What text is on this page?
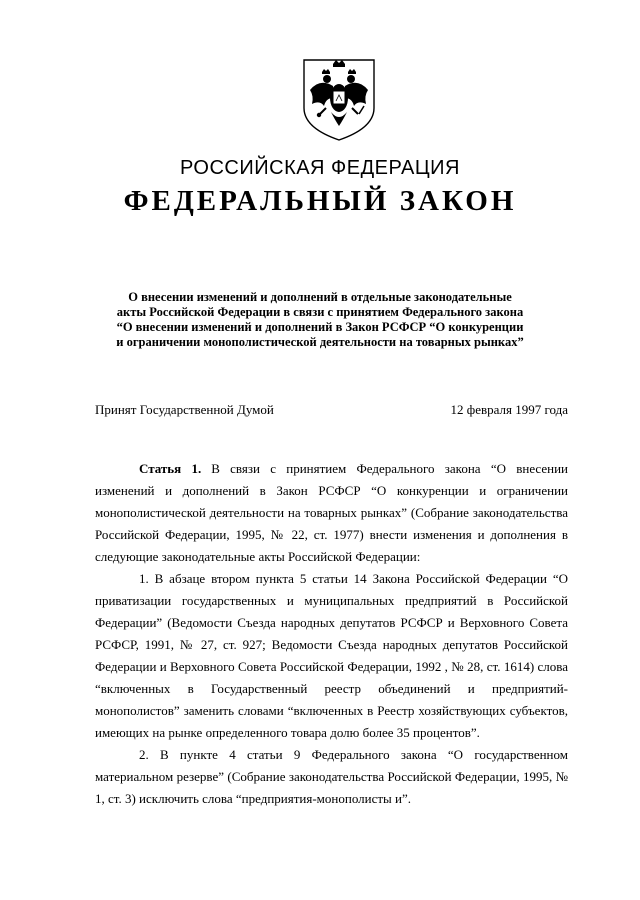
РОССИЙСКАЯ ФЕДЕРАЦИЯ
ФЕДЕРАЛЬНЫЙ ЗАКОН
О внесении изменений и дополнений в отдельные законодательные
акты Российской Федерации в связи с принятием Федерального закона
“О внесении изменений и дополнений в Закон РСФСР “О конкуренции
и ограничении монополистической деятельности на товарных рынках”
Принят Государственной Думой	12 февраля 1997 года

Статья 1. В связи с принятием Федерального закона “О внесении изменений и дополнений в Закон РСФСР “О конкуренции и ограничении монополистической деятельности на товарных рынках” (Собрание законодательства Российской Федерации, 1995, № 22, ст. 1977) внести изменения и дополнения в следующие законодательные акты Российской Федерации:

1. В абзаце втором пункта 5 статьи 14 Закона Российской Федерации “О приватизации государственных и муниципальных предприятий в Российской Федерации” (Ведомости Съезда народных депутатов РСФСР и Верховного Совета РСФСР, 1991, № 27, ст. 927; Ведомости Съезда народных депутатов Российской Федерации и Верховного Совета Российской Федерации, 1992 , № 28, ст. 1614) слова “включенных в Государственный реестр объединений и предприятий-монополистов” заменить словами “включенных в Реестр хозяйствующих субъектов, имеющих на рынке определенного товара долю более 35 процентов”.

2. В пункте 4 статьи 9 Федерального закона “О государственном материальном резерве” (Собрание законодательства Российской Федерации, 1995, № 1, ст. 3) исключить слова “предприятия-монополисты и”.
